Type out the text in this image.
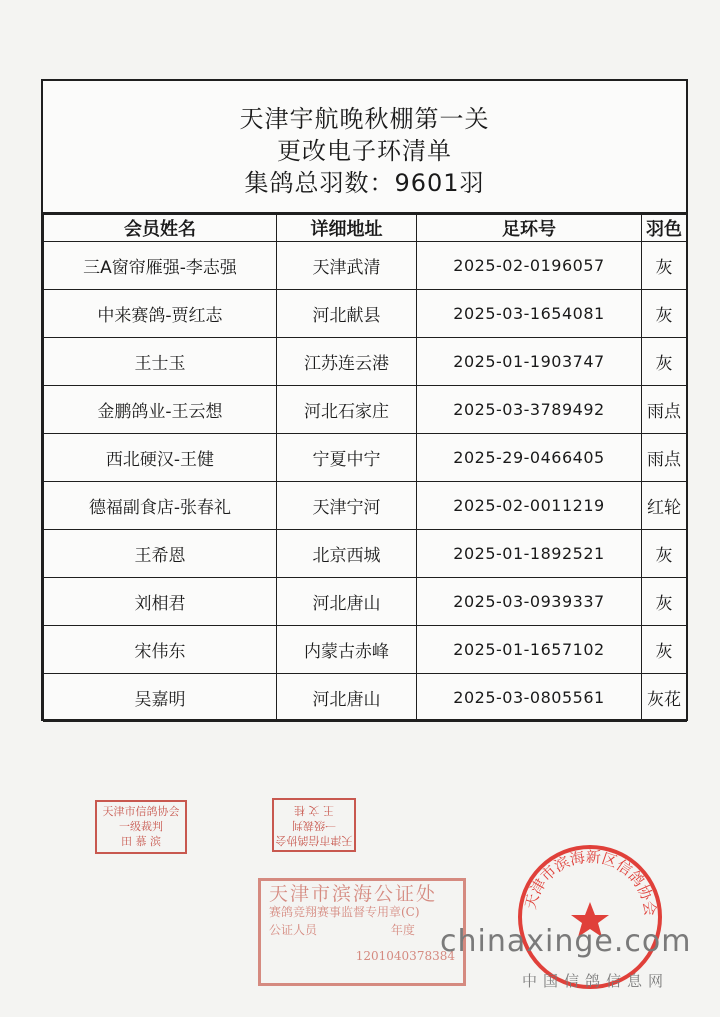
天津宇航晚秋棚第一关
更改电子环清单
集鸽总羽数：9601羽
会员姓名	详细地址	足环号	羽色
三A窗帘雁强-李志强	天津武清	2025-02-0196057	灰
中来赛鸽-贾红志	河北献县	2025-03-1654081	灰
王士玉	江苏连云港	2025-01-1903747	灰
金鹏鸽业-王云想	河北石家庄	2025-03-3789492	雨点
西北硬汉-王健	宁夏中宁	2025-29-0466405	雨点
德福副食店-张春礼	天津宁河	2025-02-0011219	红轮
王希恩	北京西城	2025-01-1892521	灰
刘相君	河北唐山	2025-03-0939337	灰
宋伟东	内蒙古赤峰	2025-01-1657102	灰
吴嘉明	河北唐山	2025-03-0805561	灰花
天津市信鸽协会
一级裁判
田 慕 滨	天津市信鸽协会
一级裁判
王 文 桂
天津市滨海公证处
赛鸽竞翔赛事监督专用章(C)
公证人员	年度
1201040378384
天津市滨海新区信鸽协会
chinaxinge.com
中国信鸽信息网
